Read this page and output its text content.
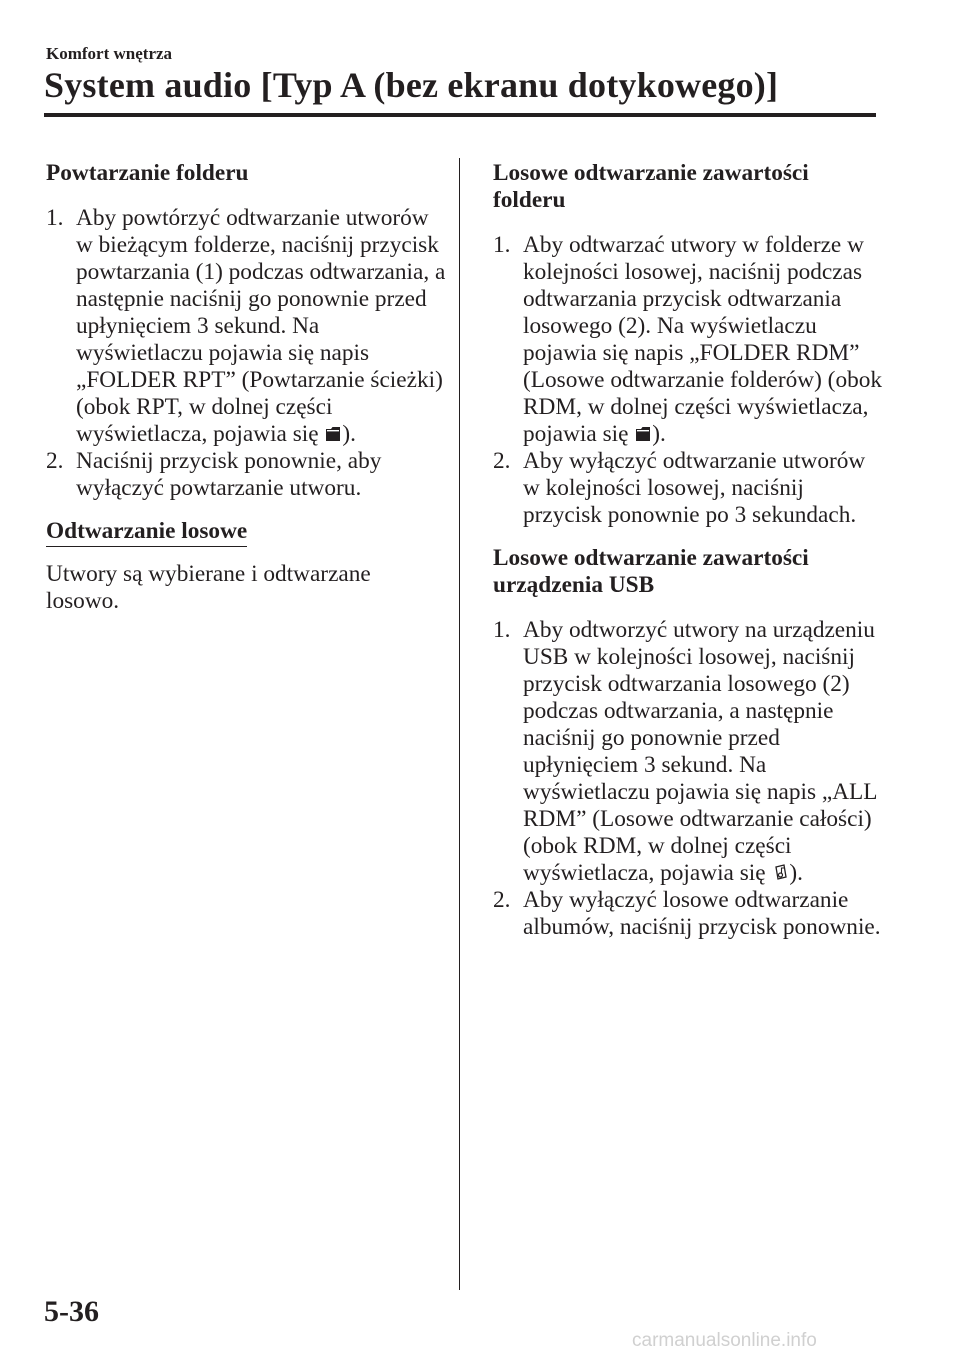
Komfort wnętrza
System audio [Typ A (bez ekranu dotykowego)]
Powtarzanie folderu
1. Aby powtórzyć odtwarzanie utworów w bieżącym folderze, naciśnij przycisk powtarzania (1) podczas odtwarzania, a następnie naciśnij go ponownie przed upłynięciem 3 sekund. Na wyświetlaczu pojawia się napis „FOLDER RPT” (Powtarzanie ścieżki) (obok RPT, w dolnej części wyświetlacza, pojawia się ).
2. Naciśnij przycisk ponownie, aby wyłączyć powtarzanie utworu.
Odtwarzanie losowe

Utwory są wybierane i odtwarzane losowo.

Losowe odtwarzanie zawartości folderu
1. Aby odtwarzać utwory w folderze w kolejności losowej, naciśnij podczas odtwarzania przycisk odtwarzania losowego (2). Na wyświetlaczu pojawia się napis „FOLDER RDM” (Losowe odtwarzanie folderów) (obok RDM, w dolnej części wyświetlacza, pojawia się ).
2. Aby wyłączyć odtwarzanie utworów w kolejności losowej, naciśnij przycisk ponownie po 3 sekundach.
Losowe odtwarzanie zawartości
urządzenia USB
1. Aby odtworzyć utwory na urządzeniu USB w kolejności losowej, naciśnij przycisk odtwarzania losowego (2) podczas odtwarzania, a następnie naciśnij go ponownie przed upłynięciem 3 sekund. Na wyświetlaczu pojawia się napis „ALL RDM” (Losowe odtwarzanie całości) (obok RDM, w dolnej części wyświetlacza, pojawia się ).
2. Aby wyłączyć losowe odtwarzanie albumów, naciśnij przycisk ponownie.
5-36
carmanualsonline.info
